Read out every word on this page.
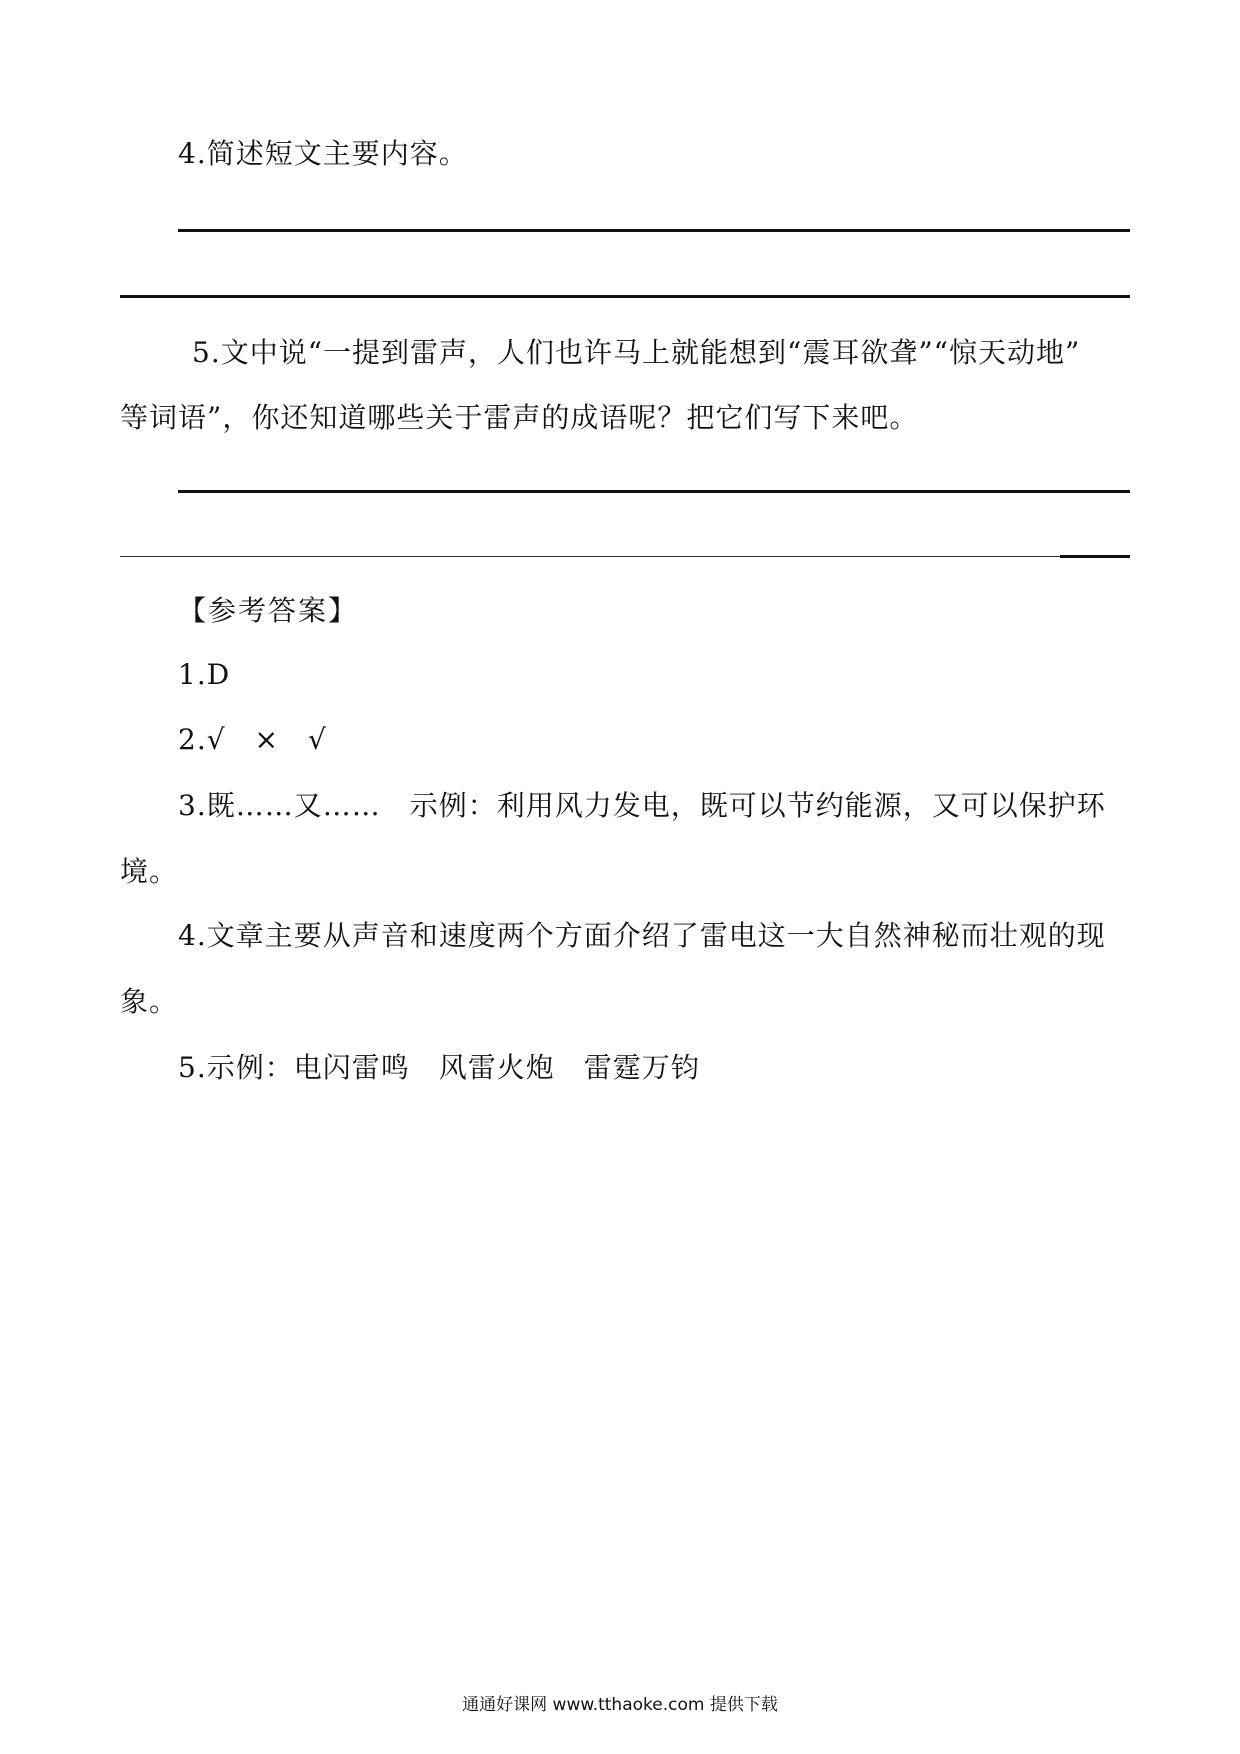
4.简述短文主要内容。
5.文中说“一提到雷声，人们也许马上就能想到“震耳欲聋”“惊天动地”
等词语”，你还知道哪些关于雷声的成语呢？把它们写下来吧。
【参考答案】
1.D
2.√　×　√
3.既……又……　示例：利用风力发电，既可以节约能源，又可以保护环
境。
4.文章主要从声音和速度两个方面介绍了雷电这一大自然神秘而壮观的现
象。
5.示例：电闪雷鸣　风雷火炮　雷霆万钧
通通好课网 www.tthaoke.com 提供下载
